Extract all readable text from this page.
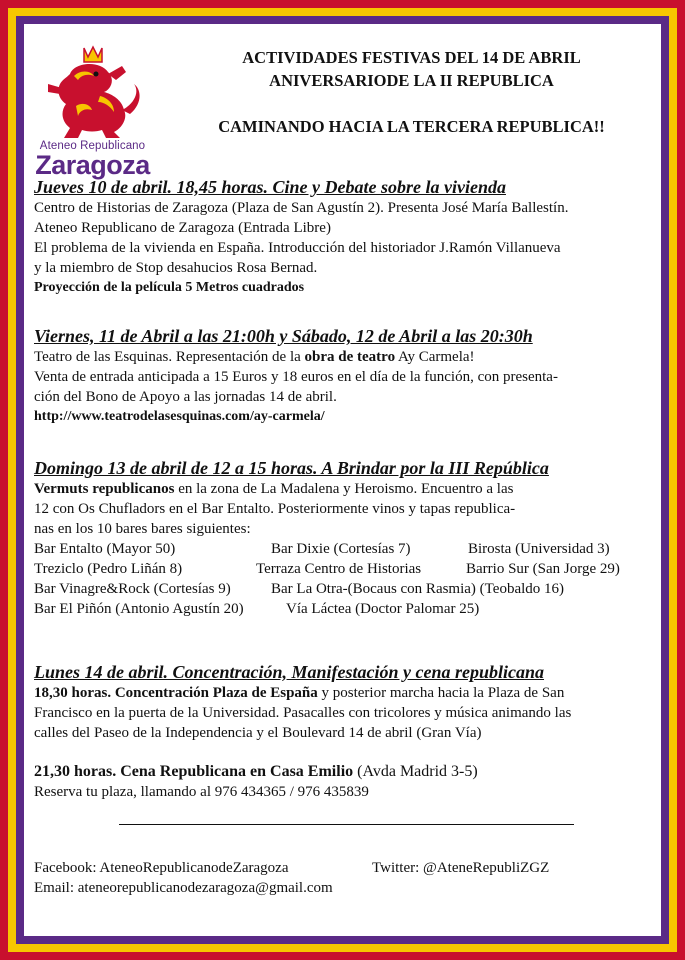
Ateneo Republicano
Zaragoza
ACTIVIDADES FESTIVAS DEL 14 DE ABRIL
ANIVERSARIODE LA II REPUBLICA
CAMINANDO HACIA LA TERCERA REPUBLICA!!
Jueves 10 de abril. 18,45 horas. Cine y Debate sobre la vivienda
Centro de Historias de Zaragoza (Plaza de San Agustín 2). Presenta José María Ballestín.
Ateneo Republicano de Zaragoza (Entrada Libre)
El problema de la vivienda en España. Introducción del historiador J.Ramón Villanueva
y la miembro de Stop desahucios Rosa Bernad.
Proyección de la película 5 Metros cuadrados
Viernes, 11 de Abril a las 21:00h y Sábado, 12 de Abril a las 20:30h
Teatro de las Esquinas. Representación de la obra de teatro Ay Carmela!
Venta de entrada anticipada a 15 Euros y 18 euros en el día de la función, con presenta-
ción del Bono de Apoyo a las jornadas 14 de abril.
http://www.teatrodelasesquinas.com/ay-carmela/
Domingo 13 de abril de 12 a 15 horas. A Brindar por la III República
Vermuts republicanos en la zona de La Madalena y Heroismo. Encuentro a las
12 con Os Chufladors en el Bar Entalto. Posteriormente vinos y tapas republica-
nas en los 10 bares bares siguientes:
Bar Entalto (Mayor 50)	Bar Dixie (Cortesías 7)	Birosta (Universidad 3)
Treziclo (Pedro Liñán 8)	Terraza Centro de Historias	Barrio Sur (San Jorge 29)
Bar Vinagre&Rock (Cortesías 9)	Bar La Otra-(Bocaus con Rasmia) (Teobaldo 16)
Bar El Piñón (Antonio Agustín 20)	Vía Láctea (Doctor Palomar 25)
Lunes 14 de abril. Concentración, Manifestación y cena republicana
18,30 horas. Concentración Plaza de España y posterior marcha hacia la Plaza de San
Francisco en la puerta de la Universidad. Pasacalles con tricolores y música animando las
calles del Paseo de la Independencia y el Boulevard 14 de abril (Gran Vía)
21,30 horas. Cena Republicana en Casa Emilio (Avda Madrid 3-5)
Reserva tu plaza, llamando al 976 434365 / 976 435839
Facebook: AteneoRepublicanodeZaragoza	Twitter: @AteneRepubliZGZ
Email: ateneorepublicanodezaragoza@gmail.com
